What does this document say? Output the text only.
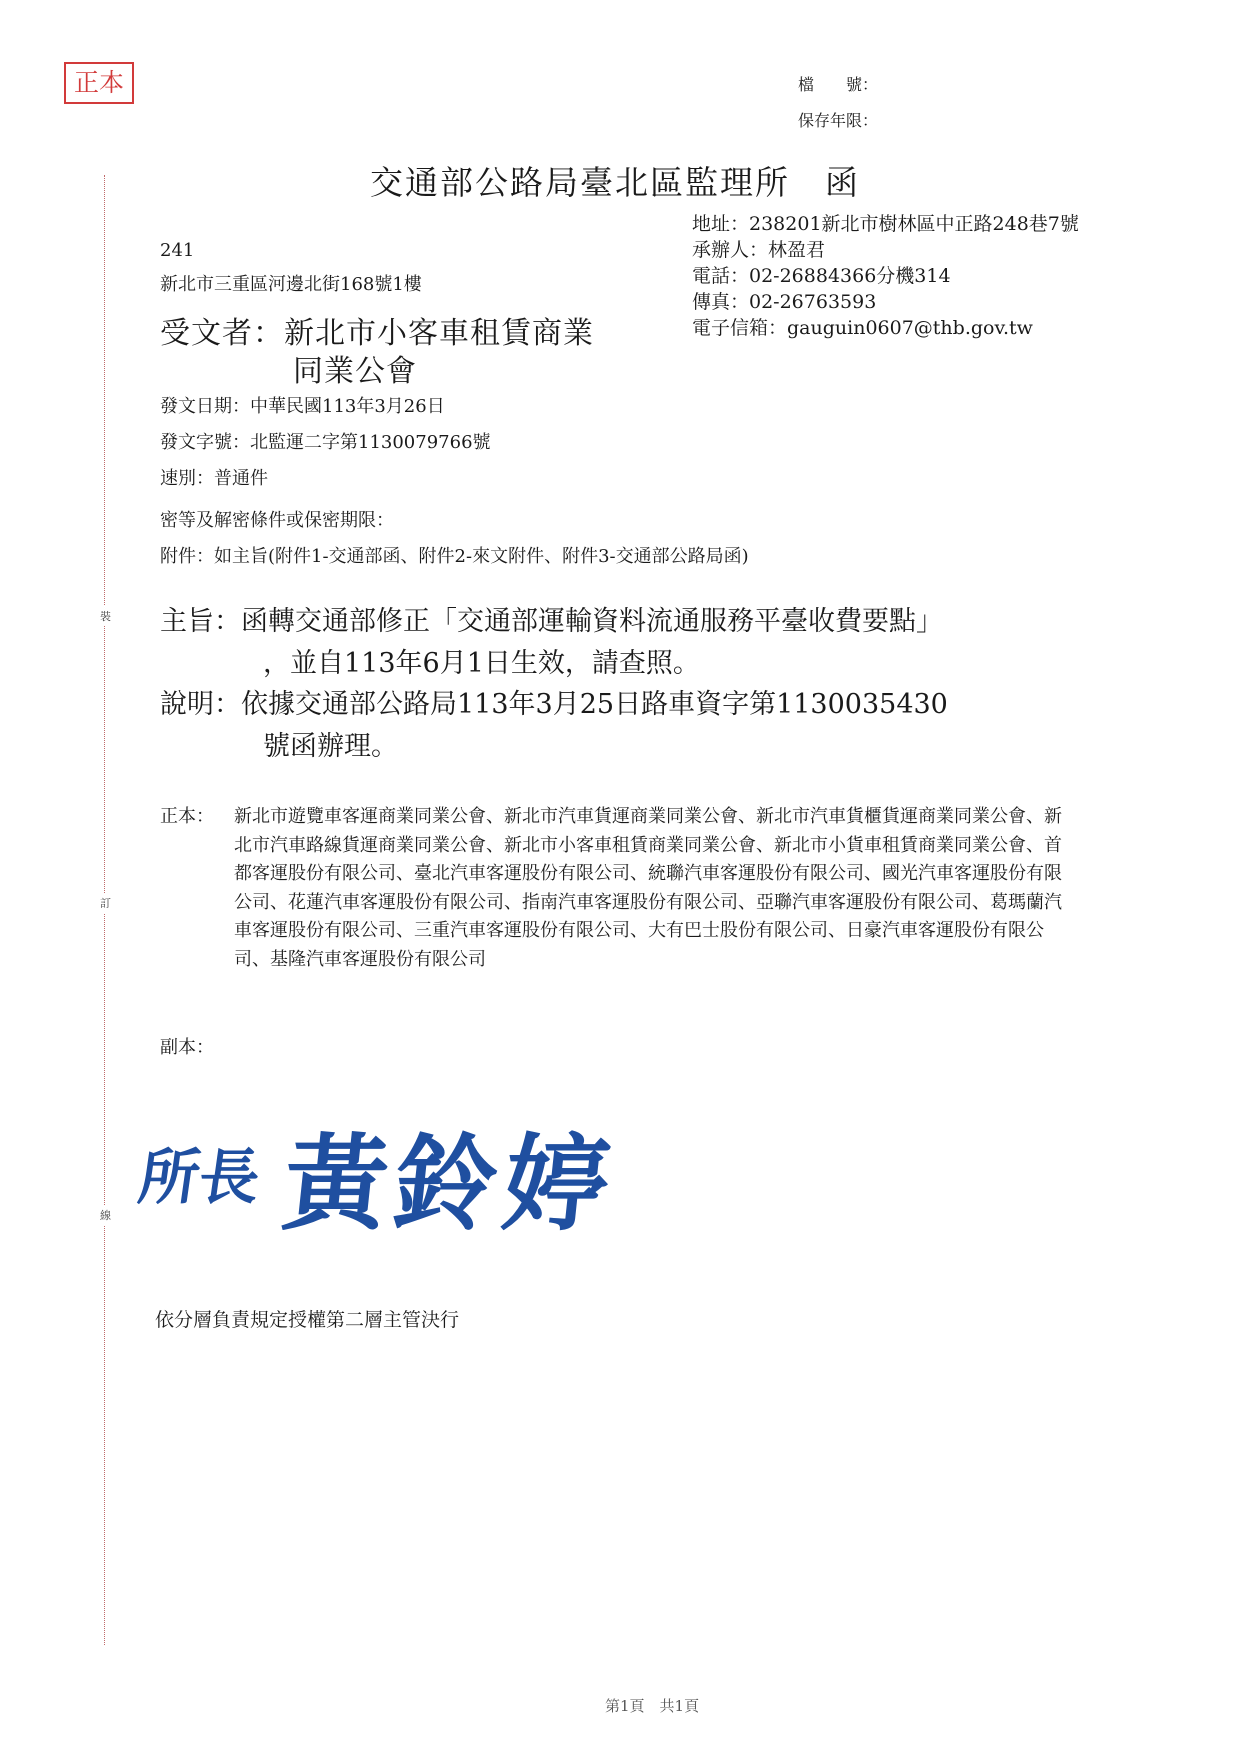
正本	檔　　號：
保存年限：
交通部公路局臺北區監理所　函
地址：238201新北市樹林區中正路248巷7號
承辦人：林盈君
電話：02-26884366分機314
傳真：02-26763593
電子信箱：gauguin0607@thb.gov.tw
241
新北市三重區河邊北街168號1樓
受文者：新北市小客車租賃商業
同業公會
發文日期：中華民國113年3月26日
發文字號：北監運二字第1130079766號
速別：普通件
密等及解密條件或保密期限：
附件：如主旨(附件1-交通部函、附件2-來文附件、附件3-交通部公路局函)
主旨：函轉交通部修正「交通部運輸資料流通服務平臺收費要點」
，並自113年6月1日生效，請查照。
說明：依據交通部公路局113年3月25日路車資字第1130035430
號函辦理。
正本： 新北市遊覽車客運商業同業公會、新北市汽車貨運商業同業公會、新北市汽車貨櫃貨運商業同業公會、新北市汽車路線貨運商業同業公會、新北市小客車租賃商業同業公會、新北市小貨車租賃商業同業公會、首都客運股份有限公司、臺北汽車客運股份有限公司、統聯汽車客運股份有限公司、國光汽車客運股份有限公司、花蓮汽車客運股份有限公司、指南汽車客運股份有限公司、亞聯汽車客運股份有限公司、葛瑪蘭汽車客運股份有限公司、三重汽車客運股份有限公司、大有巴士股份有限公司、日豪汽車客運股份有限公司、基隆汽車客運股份有限公司
副本：
裝
訂
線
所長 黃鈴婷
依分層負責規定授權第二層主管決行
第1頁　共1頁
